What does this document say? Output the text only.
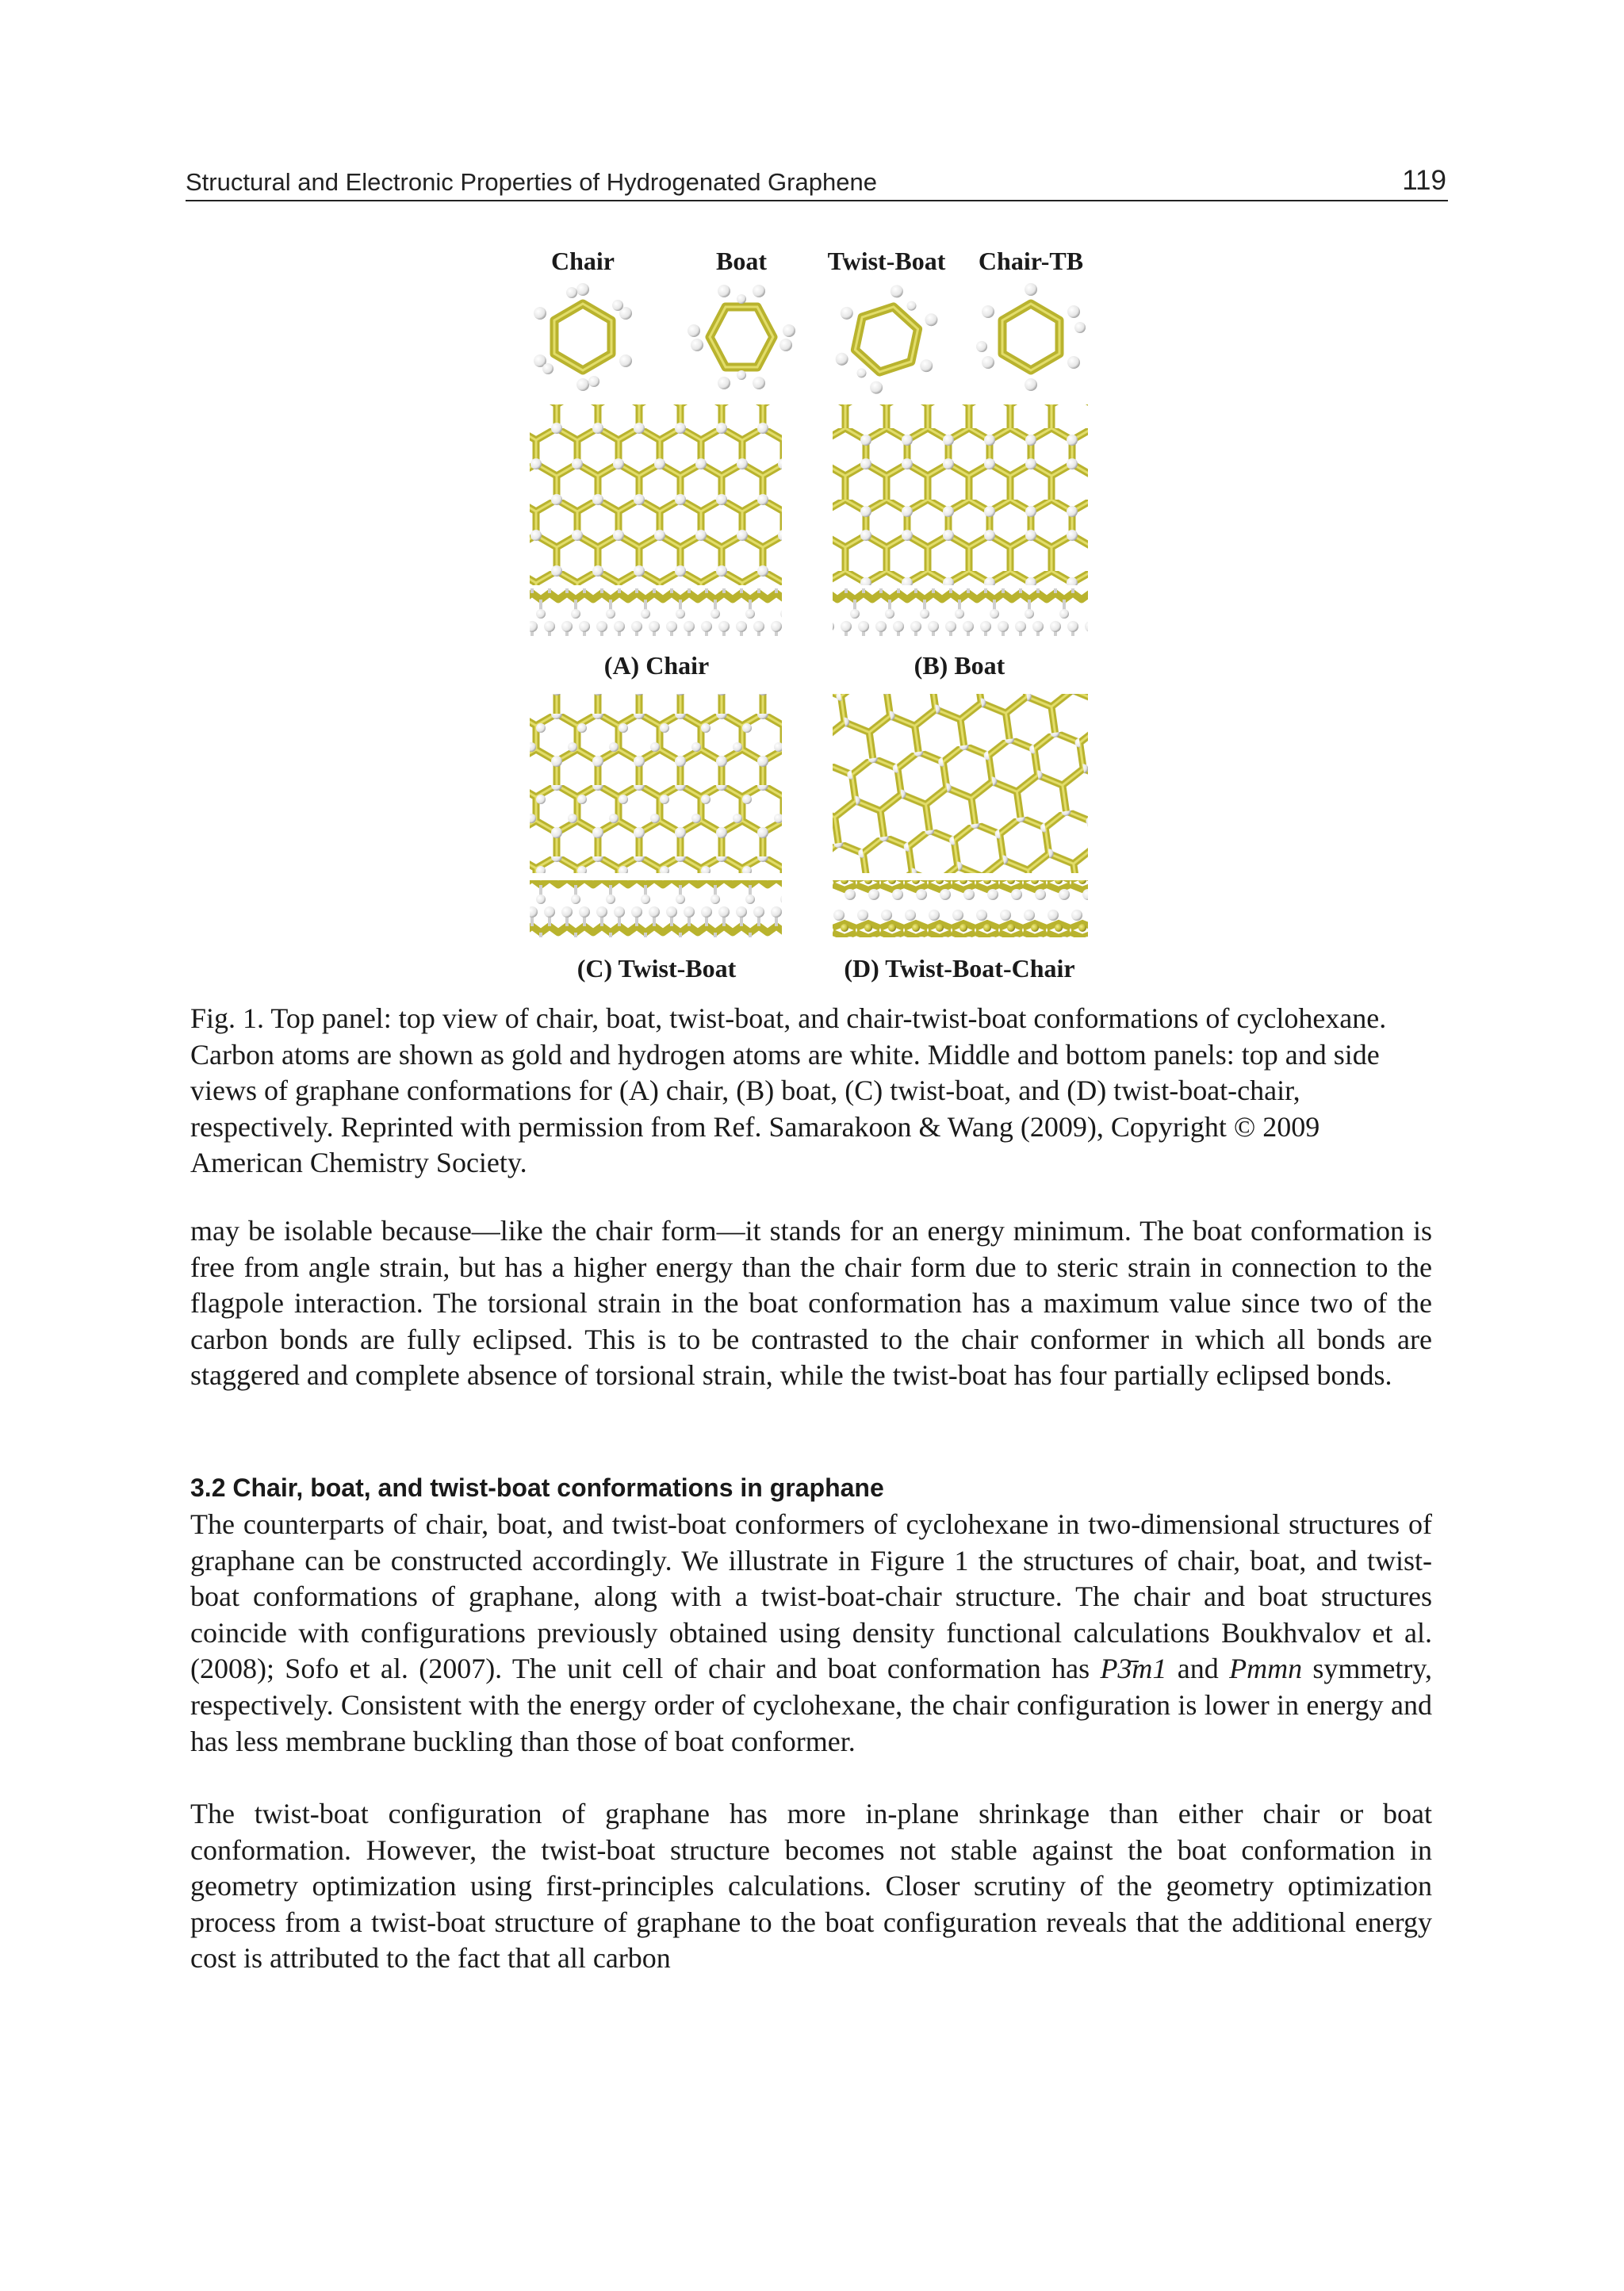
Structural and Electronic Properties of Hydrogenated Graphene	119
Chair	Boat Twist-Boat Chair-TB
(A) Chair	(B) Boat
(C) Twist-Boat	(D) Twist-Boat-Chair

Fig. 1. Top panel: top view of chair, boat, twist-boat, and chair-twist-boat conformations of cyclohexane. Carbon atoms are shown as gold and hydrogen atoms are white. Middle and bottom panels: top and side views of graphane conformations for (A) chair, (B) boat, (C) twist-boat, and (D) twist-boat-chair, respectively. Reprinted with permission from Ref. Samarakoon & Wang (2009), Copyright © 2009 American Chemistry Society.

may be isolable because—like the chair form—it stands for an energy minimum. The boat conformation is free from angle strain, but has a higher energy than the chair form due to steric strain in connection to the flagpole interaction. The torsional strain in the boat conformation has a maximum value since two of the carbon bonds are fully eclipsed. This is to be contrasted to the chair conformer in which all bonds are staggered and complete absence of torsional strain, while the twist-boat has four partially eclipsed bonds.

3.2 Chair, boat, and twist-boat conformations in graphane

The counterparts of chair, boat, and twist-boat conformers of cyclohexane in two-dimensional structures of graphane can be constructed accordingly. We illustrate in Figure 1 the structures of chair, boat, and twist-boat conformations of graphane, along with a twist-boat-chair structure. The chair and boat structures coincide with configurations previously obtained using density functional calculations Boukhvalov et al. (2008); Sofo et al. (2007). The unit cell of chair and boat conformation has P3̄m1 and Pmmn symmetry, respectively. Consistent with the energy order of cyclohexane, the chair configuration is lower in energy and has less membrane buckling than those of boat conformer.

The twist-boat configuration of graphane has more in-plane shrinkage than either chair or boat conformation. However, the twist-boat structure becomes not stable against the boat conformation in geometry optimization using first-principles calculations. Closer scrutiny of the geometry optimization process from a twist-boat structure of graphane to the boat configuration reveals that the additional energy cost is attributed to the fact that all carbon
